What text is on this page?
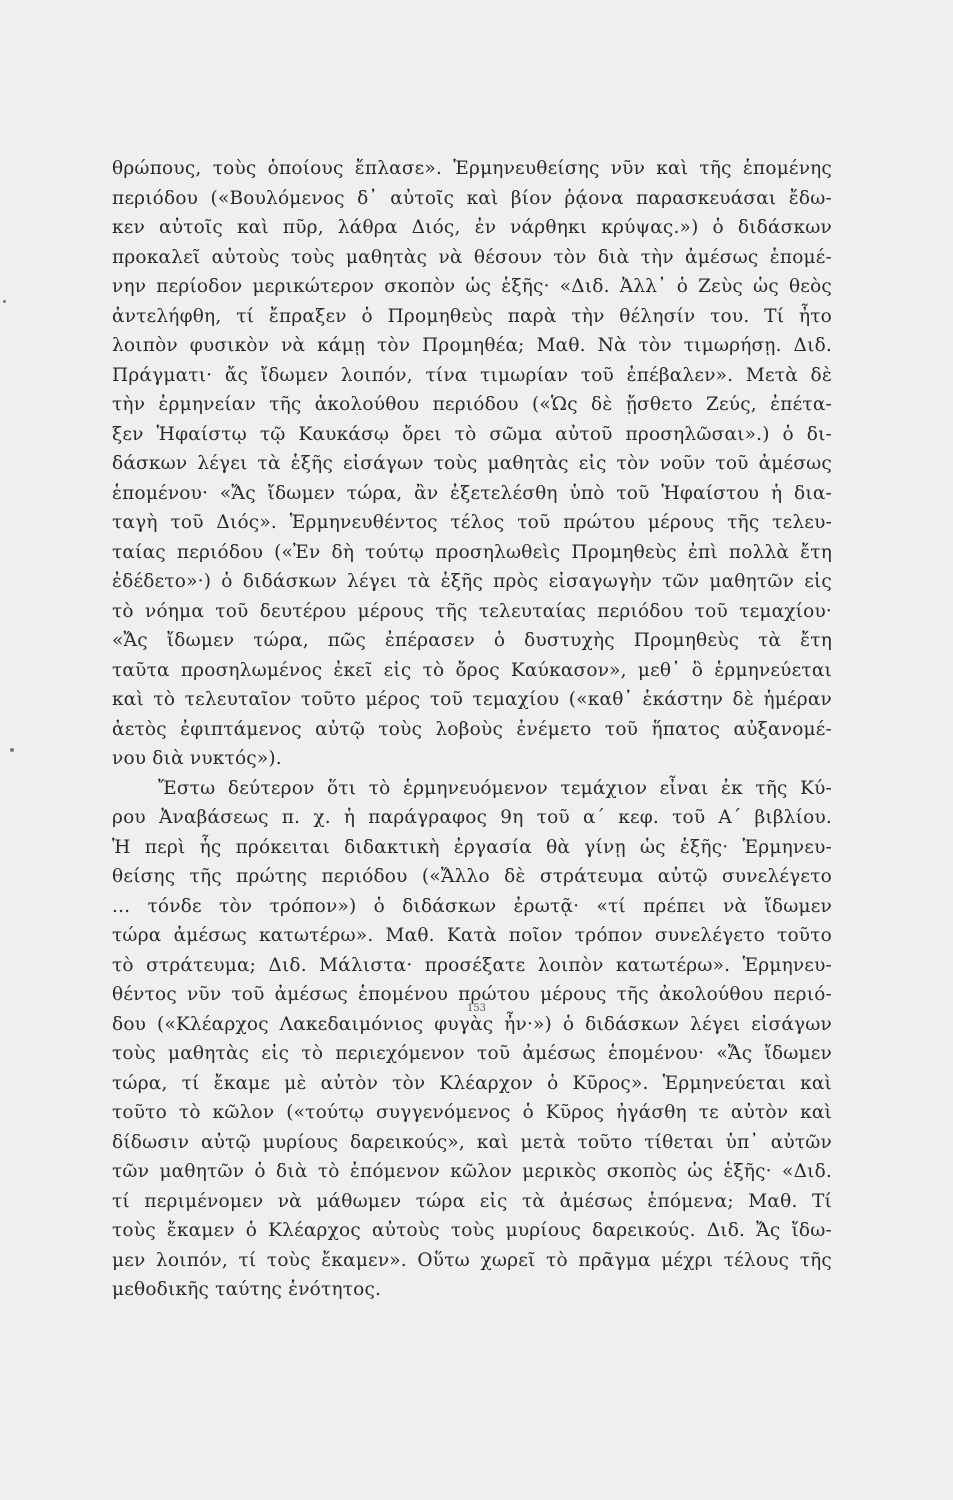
θρώπους, τοὺς ὁποίους ἔπλασε». Ἑρμηνευθείσης νῦν καὶ τῆς ἑπομένης
περιόδου («Βουλόμενος δ᾿ αὐτοῖς καὶ βίον ῥᾴονα παρασκευάσαι ἔδω-
κεν αὐτοῖς καὶ πῦρ, λάθρα Διός, ἐν νάρθηκι κρύψας.») ὁ διδάσκων
προκαλεῖ αὐτοὺς τοὺς μαθητὰς νὰ θέσουν τὸν διὰ τὴν ἀμέσως ἑπομέ-
νην περίοδον μερικώτερον σκοπὸν ὡς ἑξῆς· «Διδ. Ἀλλ᾿ ὁ Ζεὺς ὡς θεὸς
ἀντελήφθη, τί ἔπραξεν ὁ Προμηθεὺς παρὰ τὴν θέλησίν του. Τί ἦτο
λοιπὸν φυσικὸν νὰ κάμῃ τὸν Προμηθέα; Μαθ. Νὰ τὸν τιμωρήσῃ. Διδ.
Πράγματι· ἄς ἴδωμεν λοιπόν, τίνα τιμωρίαν τοῦ ἐπέβαλεν». Μετὰ δὲ
τὴν ἑρμηνείαν τῆς ἀκολούθου περιόδου («Ὡς δὲ ᾔσθετο Ζεύς, ἐπέτα-
ξεν Ἡφαίστῳ τῷ Καυκάσῳ ὄρει τὸ σῶμα αὐτοῦ προσηλῶσαι».) ὁ δι-
δάσκων λέγει τὰ ἑξῆς εἰσάγων τοὺς μαθητὰς εἰς τὸν νοῦν τοῦ ἀμέσως
ἑπομένου· «Ἄς ἴδωμεν τώρα, ἂν ἐξετελέσθη ὑπὸ τοῦ Ἡφαίστου ἡ δια-
ταγὴ τοῦ Διός». Ἑρμηνευθέντος τέλος τοῦ πρώτου μέρους τῆς τελευ-
ταίας περιόδου («Ἐν δὴ τούτῳ προσηλωθεὶς Προμηθεὺς ἐπὶ πολλὰ ἔτη
ἐδέδετο»·) ὁ διδάσκων λέγει τὰ ἑξῆς πρὸς εἰσαγωγὴν τῶν μαθητῶν εἰς
τὸ νόημα τοῦ δευτέρου μέρους τῆς τελευταίας περιόδου τοῦ τεμαχίου·
«Ἄς ἴδωμεν τώρα, πῶς ἐπέρασεν ὁ δυστυχὴς Προμηθεὺς τὰ ἔτη
ταῦτα προσηλωμένος ἐκεῖ εἰς τὸ ὄρος Καύκασον», μεθ᾿ ὃ ἑρμηνεύεται
καὶ τὸ τελευταῖον τοῦτο μέρος τοῦ τεμαχίου («καθ᾿ ἑκάστην δὲ ἡμέραν
ἀετὸς ἐφιπτάμενος αὐτῷ τοὺς λοβοὺς ἐνέμετο τοῦ ἥπατος αὐξανομέ-
νου διὰ νυκτός»).
Ἔστω δεύτερον ὅτι τὸ ἑρμηνευόμενον τεμάχιον εἶναι ἐκ τῆς Κύ-
ρου Ἀναβάσεως π. χ. ἡ παράγραφος 9η τοῦ α΄ κεφ. τοῦ Α΄ βιβλίου.
Ἡ περὶ ἧς πρόκειται διδακτικὴ ἐργασία θὰ γίνῃ ὡς ἑξῆς· Ἑρμηνευ-
θείσης τῆς πρώτης περιόδου («Ἄλλο δὲ στράτευμα αὐτῷ συνελέγετο
... τόνδε τὸν τρόπον») ὁ διδάσκων ἐρωτᾷ· «τί πρέπει νὰ ἴδωμεν
τώρα ἀμέσως κατωτέρω». Μαθ. Κατὰ ποῖον τρόπον συνελέγετο τοῦτο
τὸ στράτευμα; Διδ. Μάλιστα· προσέξατε λοιπὸν κατωτέρω». Ἑρμηνευ-
θέντος νῦν τοῦ ἀμέσως ἑπομένου πρώτου μέρους τῆς ἀκολούθου περιό-
δου («Κλέαρχος Λακεδαιμόνιος φυγὰς ἦν·») ὁ διδάσκων λέγει εἰσάγων
τοὺς μαθητὰς εἰς τὸ περιεχόμενον τοῦ ἀμέσως ἑπομένου· «Ἄς ἴδωμεν
τώρα, τί ἔκαμε μὲ αὐτὸν τὸν Κλέαρχον ὁ Κῦρος». Ἑρμηνεύεται καὶ
τοῦτο τὸ κῶλον («τούτῳ συγγενόμενος ὁ Κῦρος ἠγάσθη τε αὐτὸν καὶ
δίδωσιν αὐτῷ μυρίους δαρεικούς», καὶ μετὰ τοῦτο τίθεται ὑπ᾿ αὐτῶν
τῶν μαθητῶν ὁ διὰ τὸ ἑπόμενον κῶλον μερικὸς σκοπὸς ὡς ἑξῆς· «Διδ.
τί περιμένομεν νὰ μάθωμεν τώρα εἰς τὰ ἀμέσως ἑπόμενα; Μαθ. Τί
τοὺς ἔκαμεν ὁ Κλέαρχος αὐτοὺς τοὺς μυρίους δαρεικούς. Διδ. Ἄς ἴδω-
μεν λοιπόν, τί τοὺς ἔκαμεν». Οὕτω χωρεῖ τὸ πρᾶγμα μέχρι τέλους τῆς
μεθοδικῆς ταύτης ἑνότητος.
153
